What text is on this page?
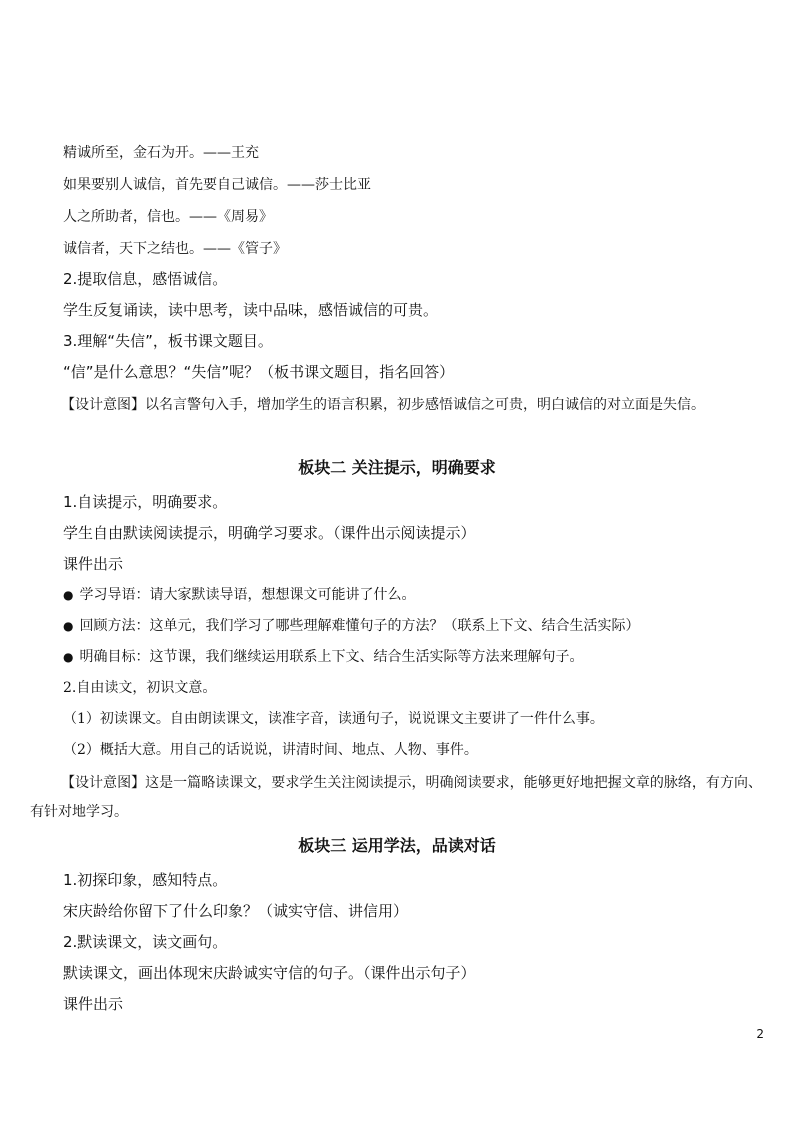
精诚所至，金石为开。——王充
如果要别人诚信，首先要自己诚信。——莎士比亚
人之所助者，信也。——《周易》
诚信者，天下之结也。——《管子》
2.提取信息，感悟诚信。
学生反复诵读，读中思考，读中品味，感悟诚信的可贵。
3.理解“失信”，板书课文题目。
“信”是什么意思？“失信”呢？（板书课文题目，指名回答）
【设计意图】以名言警句入手，增加学生的语言积累，初步感悟诚信之可贵，明白诚信的对立面是失信。
板块二 关注提示，明确要求
1.自读提示，明确要求。
学生自由默读阅读提示，明确学习要求。（课件出示阅读提示）
课件出示
● 学习导语：请大家默读导语，想想课文可能讲了什么。
● 回顾方法：这单元，我们学习了哪些理解难懂句子的方法？（联系上下文、结合生活实际）
● 明确目标：这节课，我们继续运用联系上下文、结合生活实际等方法来理解句子。
2.自由读文，初识文意。
（1）初读课文。自由朗读课文，读准字音，读通句子，说说课文主要讲了一件什么事。
（2）概括大意。用自己的话说说，讲清时间、地点、人物、事件。
【设计意图】这是一篇略读课文，要求学生关注阅读提示，明确阅读要求，能够更好地把握文章的脉络，有方向、有针对地学习。
板块三 运用学法，品读对话
1.初探印象，感知特点。
宋庆龄给你留下了什么印象？（诚实守信、讲信用）
2.默读课文，读文画句。
默读课文，画出体现宋庆龄诚实守信的句子。（课件出示句子）
课件出示
2
